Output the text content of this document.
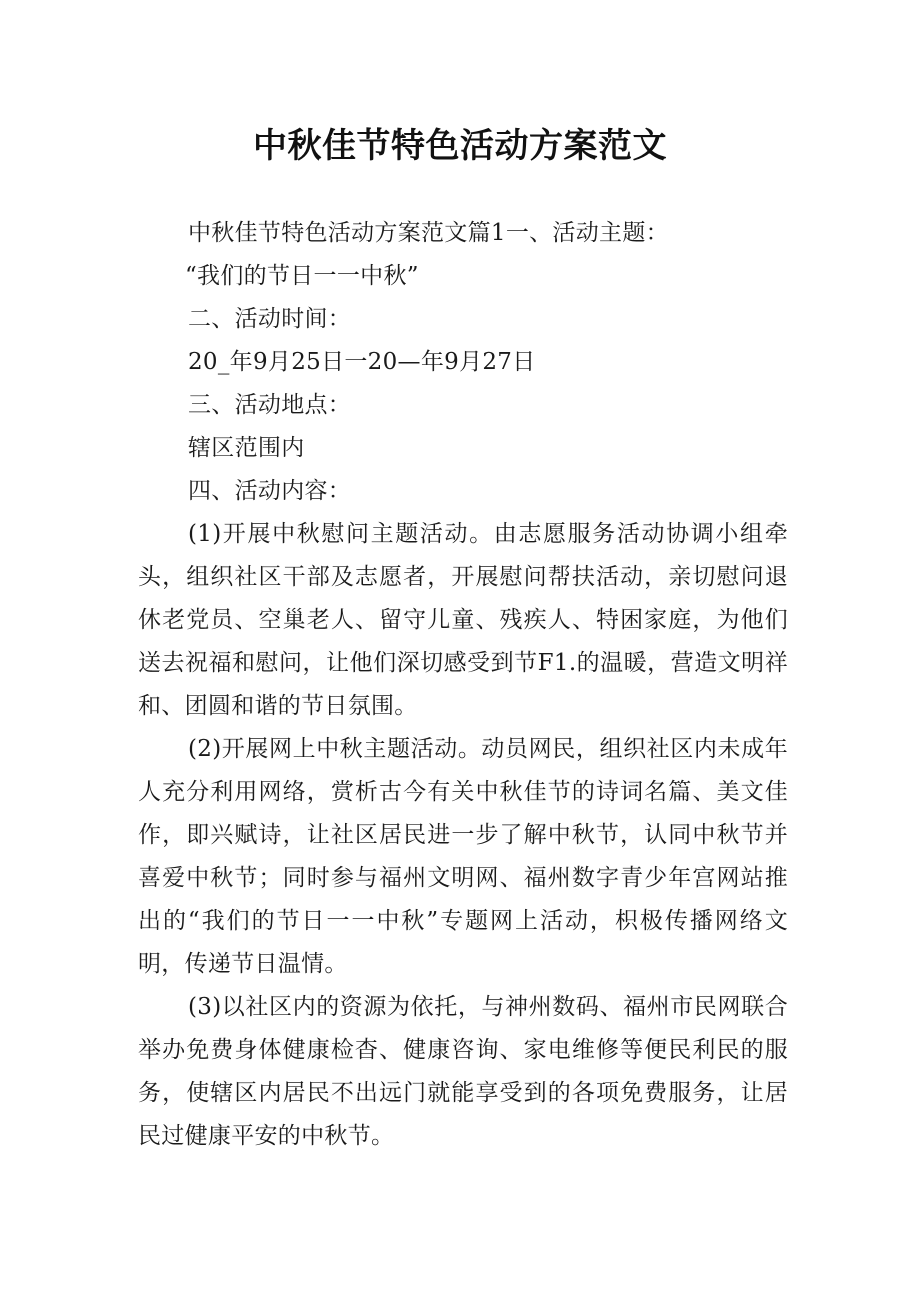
中秋佳节特色活动方案范文
中秋佳节特色活动方案范文篇1一、活动主题：
“我们的节日一一中秋”
二、活动时间：
20_年9月25日一20—年9月27日
三、活动地点：
辖区范围内
四、活动内容：

(1)开展中秋慰问主题活动。由志愿服务活动协调小组牵头，组织社区干部及志愿者，开展慰问帮扶活动，亲切慰问退休老党员、空巢老人、留守儿童、残疾人、特困家庭，为他们送去祝福和慰问，让他们深切感受到节F1.的温暖，营造文明祥和、团圆和谐的节日氛围。

(2)开展网上中秋主题活动。动员网民，组织社区内未成年人充分利用网络，赏析古今有关中秋佳节的诗词名篇、美文佳作，即兴赋诗，让社区居民进一步了解中秋节，认同中秋节并喜爱中秋节；同时参与福州文明网、福州数字青少年宫网站推出的“我们的节日一一中秋”专题网上活动，枳极传播网络文明，传递节日温情。

(3)以社区内的资源为依托，与神州数码、福州市民网联合举办免费身体健康检杳、健康咨询、家电维修等便民利民的服务，使辖区内居民不出远门就能享受到的各项免费服务，让居民过健康平安的中秋节。
